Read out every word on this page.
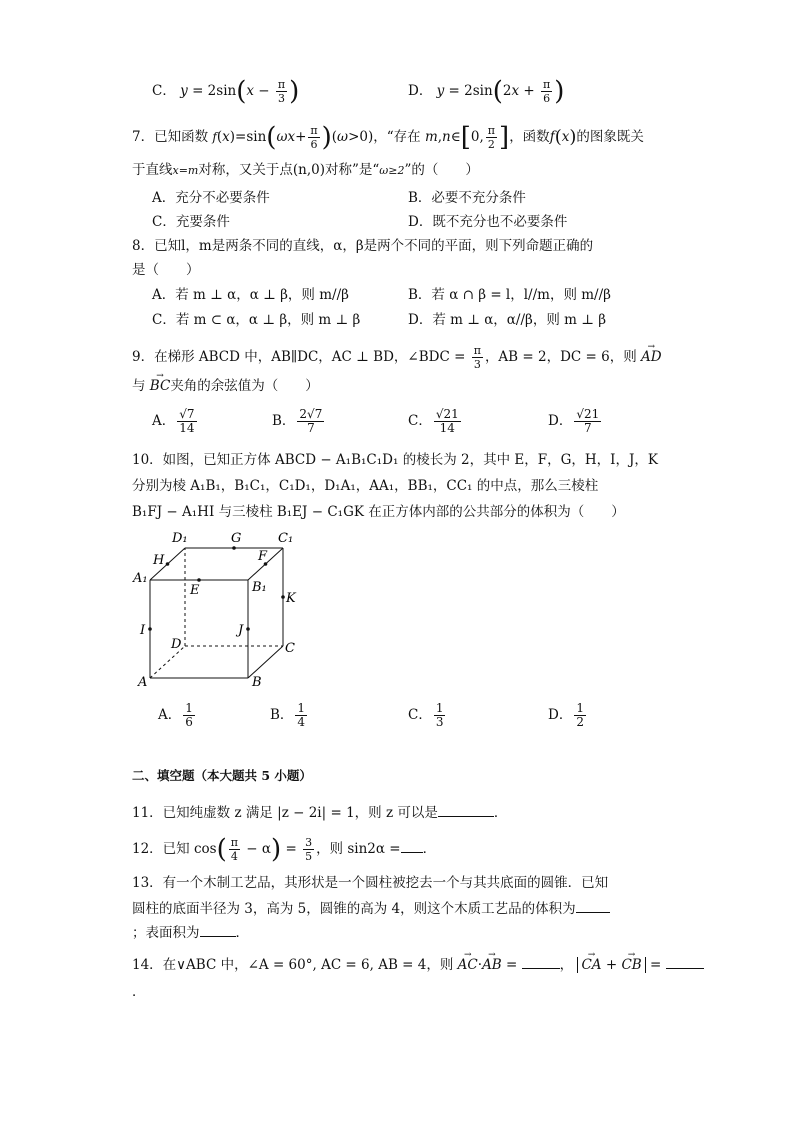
C． $y = 2\sin(x - \frac{\pi}{3}$ )	D． $y = 2\sin(2x + \frac{\pi}{6}$ )
7．已知函数 $f(x)=\sin(\omega x+ \frac{\pi}{6} )(\omega>0)$，“存在 m,n∈[0, $\frac{\pi}{2}$ ]，函数f(x)的图象既关
于直线x=m对称，又关于点(n,0)对称”是“ω≥2”的（　　）
A．充分不必要条件	B．必要不充分条件
C．充要条件	D．既不充分也不必要条件
8．已知l，m是两条不同的直线，α，β是两个不同的平面，则下列命题正确的
是（　　）
A．若 m ⊥ α，α ⊥ β，则 m//β	B．若 α ∩ β = l，l//m，则 m//β
C．若 m ⊂ α，α ⊥ β，则 m ⊥ β	D．若 m ⊥ α，α//β，则 m ⊥ β
9．在梯形 ABCD 中，AB∥DC，AC ⊥ BD，∠BDC = $\frac{\pi}{3}$ ，AB = 2，DC = 6，则 → AD
与 → BC夹角的余弦值为（　　）
A． $\frac{√7}{14}$	B． $\frac{2√7}{7}$	C． $\frac{√21}{14}$	D． $\frac{√21}{7}$
10．如图，已知正方体 ABCD − A₁B₁C₁D₁ 的棱长为 2，其中 E，F，G，H，I，J，K
分别为棱 A₁B₁，B₁C₁，C₁D₁，D₁A₁，AA₁，BB₁，CC₁ 的中点，那么三棱柱
B₁FJ − A₁HI 与三棱柱 B₁EJ − C₁GK 在正方体内部的公共部分的体积为（　　）
D₁	G	C₁
H	F
A₁
E	B₁
K
I
D
J
C
A	B
A． $\frac{1}{6}$	B． $\frac{1}{4}$	C． $\frac{1}{3}$	D． $\frac{1}{2}$
二、填空题（本大题共 5 小题）
11．已知纯虚数 z 满足 |z − 2i| = 1，则 z 可以是	．
12．已知 $\cos( \frac{\pi}{4} - \alpha) = \frac{3}{5}$ ，则 sin2α = ．
13．有一个木制工艺品，其形状是一个圆柱被挖去一个与其共底面的圆锥．已知
圆柱的底面半径为 3，高为 5，圆锥的高为 4，则这个木质工艺品的体积为
；表面积为	．
14．在∨ABC 中，∠A = 60°, AC = 6, AB = 4，则 → AC·→ AB =	， → CA + → CB =
．
